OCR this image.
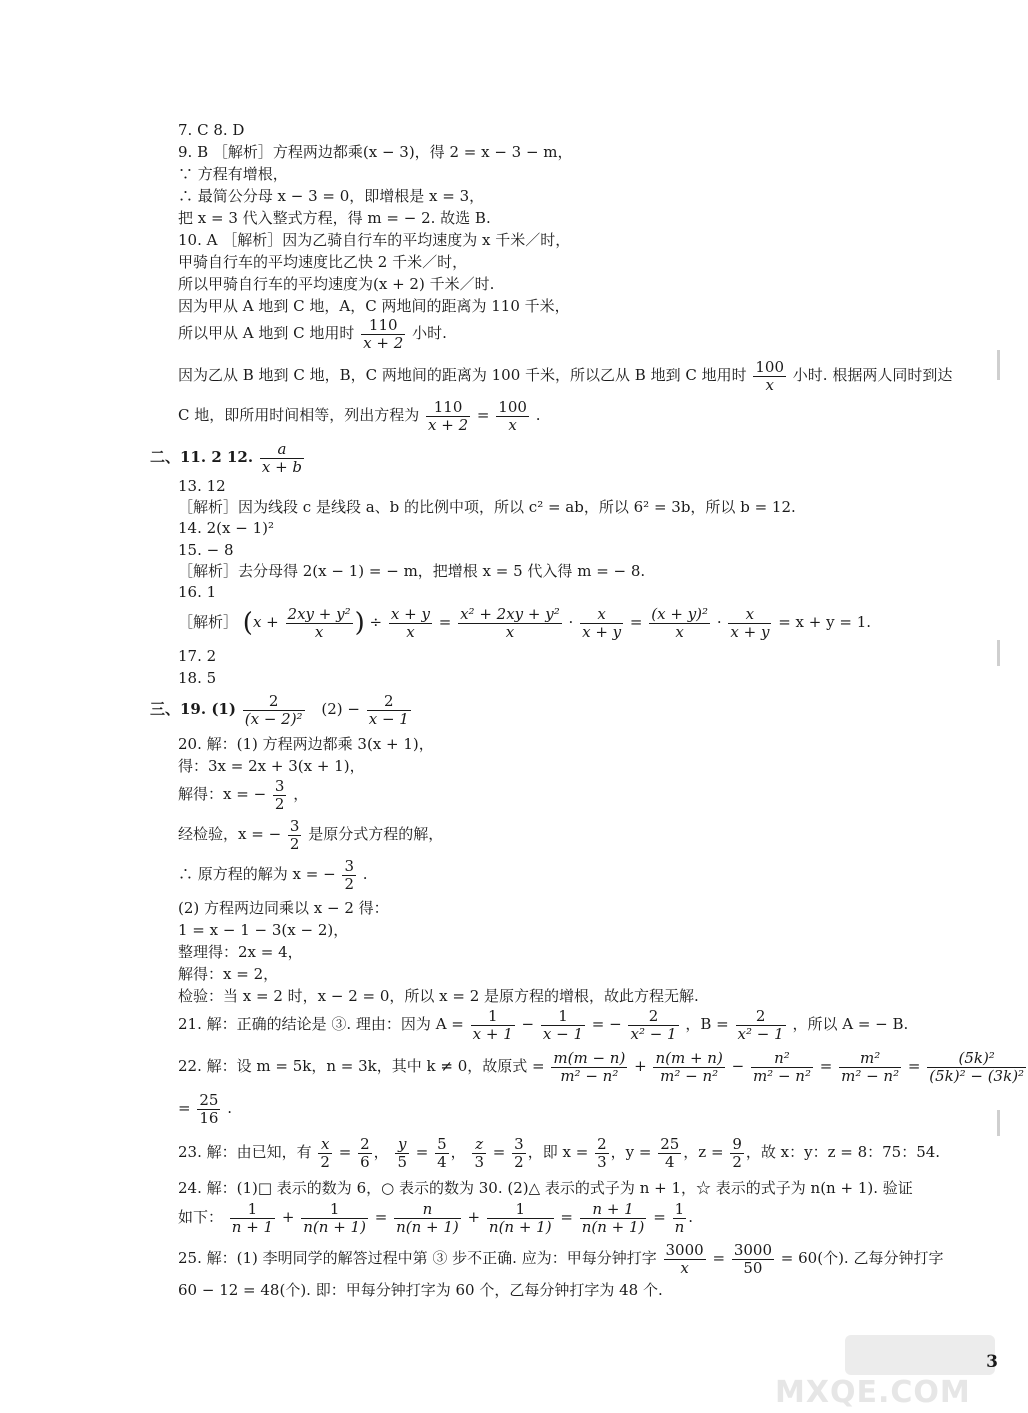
7. C 8. D
9. B ［解析］方程两边都乘(x − 3)，得 2 = x − 3 − m，
∵ 方程有增根，
∴ 最简公分母 x − 3 = 0，即增根是 x = 3，
把 x = 3 代入整式方程，得 m = − 2. 故选 B.
10. A ［解析］因为乙骑自行车的平均速度为 x 千米／时，
甲骑自行车的平均速度比乙快 2 千米／时，
所以甲骑自行车的平均速度为(x + 2) 千米／时.
因为甲从 A 地到 C 地，A，C 两地间的距离为 110 千米，
所以甲从 A 地到 C 地用时 $\frac{110}{x + 2}$ 小时.
因为乙从 B 地到 C 地，B，C 两地间的距离为 100 千米，所以乙从 B 地到 C 地用时 $\frac{100}{x}$ 小时. 根据两人同时到达
C 地，即所用时间相等，列出方程为 $\frac{110}{x + 2} = \frac{100}{x}$ .
二、11. 2 12. $\frac{a}{x + b}$
13. 12
［解析］因为线段 c 是线段 a、b 的比例中项，所以 c² = ab，所以 6² = 3b，所以 b = 12.
14. 2(x − 1)²
15. − 8
［解析］去分母得 2(x − 1) = − m，把增根 x = 5 代入得 m = − 8.
16. 1
［解析］ ($x + \frac{\text{2xy + y²}}{x}$ ) ÷ $\frac{x + y}{x} = \frac{\text{x² + 2xy + y²}}{x} \cdot \frac{x}{x + y} = \frac{\text{(x + y)²}}{x} \cdot \frac{x}{x + y} = x + y = 1$.
17. 2
18. 5
三、19. $(1) \frac{2}{\text{(x − 2)²}} (2) - \frac{2}{x - 1}$
20. 解：(1) 方程两边都乘 3(x + 1)，
得：3x = 2x + 3(x + 1)，
解得：x = − $\frac{3}{2}$ ，
经检验，x = − $\frac{3}{2}$ 是原分式方程的解，
∴ 原方程的解为 x = − $\frac{3}{2}$ .
(2) 方程两边同乘以 x − 2 得：
1 = x − 1 − 3(x − 2)，
整理得：2x = 4，
解得：x = 2，
检验：当 x = 2 时，x − 2 = 0，所以 x = 2 是原方程的增根，故此方程无解.
21. 解：正确的结论是 ③. 理由：因为 $A = \frac{1}{x + 1} - \frac{1}{x - 1}$ = − $\frac{2}{\text{x² − 1}}$ ，$B = \frac{2}{\text{x² − 1}}$ ，所以 A = − B.
22. 解：设 m = 5k，n = 3k，其中 k ≠ 0，故原式 = $\frac{m(m - n)}{\text{m² − n²}} + \frac{n(m + n)}{\text{m² − n²}} - \frac{\text{n²}}{\text{m² − n²}} = \frac{\text{m²}}{\text{m² − n²}} = \frac{\text{(5k)²}}{\text{(5k)² − (3k)²}}$
= $\frac{25}{16}$ .
23. 解：由已知，有 $\frac{x}{2} = \frac{2}{6}$ ， $\frac{y}{5} = \frac{5}{4}$ ， $\frac{z}{3} = \frac{3}{2}$ ，即 $x = \frac{2}{3}$ ，$y = \frac{25}{4}$ ，$z = \frac{9}{2}$ ，故 x：y：z = 8：75：54.
24. 解：(1)□ 表示的数为 6，○ 表示的数为 30. (2)△ 表示的式子为 n + 1，☆ 表示的式子为 n(n + 1). 验证
如下： $\frac{1}{n + 1} + \frac{1}{n(n + 1)} = \frac{n}{n(n + 1)} + \frac{1}{n(n + 1)} = \frac{n + 1}{n(n + 1)} = \frac{1}{n}$ .
25. 解：(1) 李明同学的解答过程中第 ③ 步不正确. 应为：甲每分钟打字 $\frac{3000}{x} = \frac{3000}{50} = 60$(个). 乙每分钟打字
60 − 12 = 48(个). 即：甲每分钟打字为 60 个，乙每分钟打字为 48 个.
MXQE.COM
3
